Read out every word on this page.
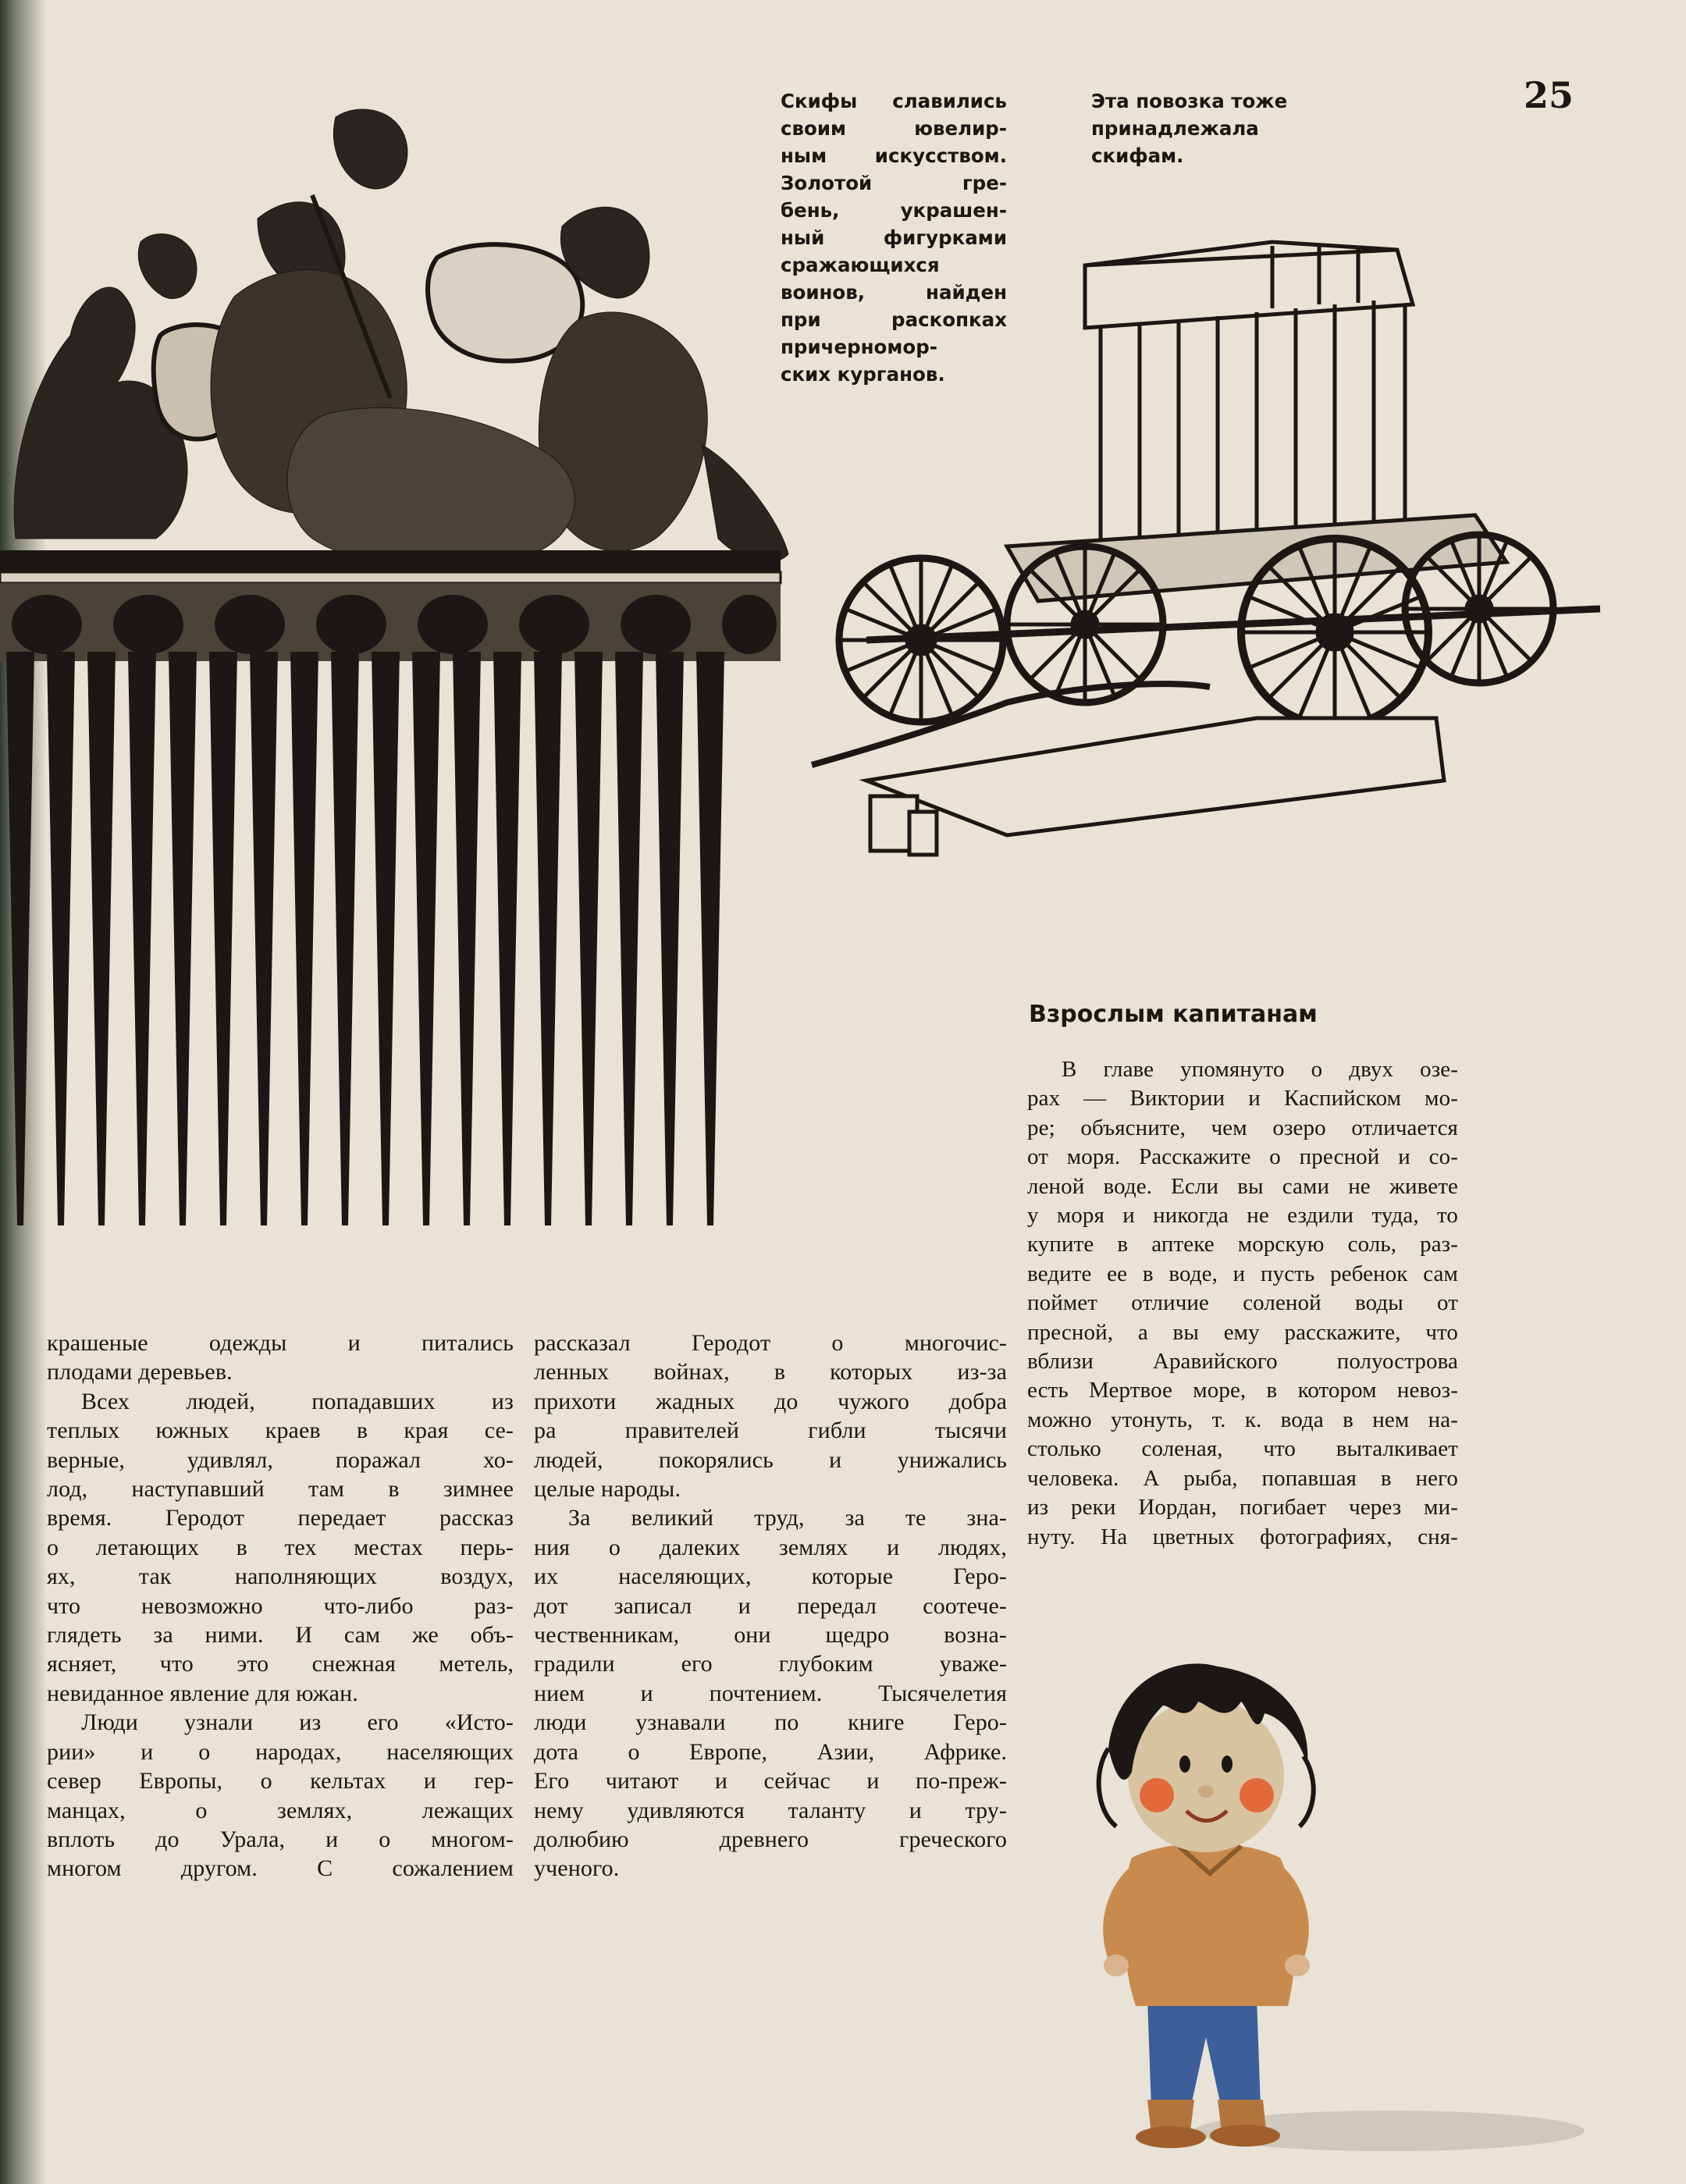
25
Скифы славились
своим ювелир-
ным искусством.
Золотой гре-
бень, украшен-
ный фигурками
сражающихся
воинов, найден
при раскопках
причерномор-
ских курганов.
Эта повозка тоже
принадлежала
скифам.
Взрослым капитанам
В главе упомянуто о двух озе-
рах — Виктории и Каспийском мо-
ре; объясните, чем озеро отличается
от моря. Расскажите о пресной и со-
леной воде. Если вы сами не живете
у моря и никогда не ездили туда, то
купите в аптеке морскую соль, раз-
ведите ее в воде, и пусть ребенок сам
поймет отличие соленой воды от
пресной, а вы ему расскажите, что
вблизи Аравийского полуострова
есть Мертвое море, в котором невоз-
можно утонуть, т. к. вода в нем на-
столько соленая, что выталкивает
человека. А рыба, попавшая в него
из реки Иордан, погибает через ми-
нуту. На цветных фотографиях, сня-
крашеные одежды и питались
плодами деревьев.
Всех людей, попадавших из
теплых южных краев в края се-
верные, удивлял, поражал хо-
лод, наступавший там в зимнее
время. Геродот передает рассказ
о летающих в тех местах перь-
ях, так наполняющих воздух,
что невозможно что-либо раз-
глядеть за ними. И сам же объ-
ясняет, что это снежная метель,
невиданное явление для южан.
Люди узнали из его «Исто-
рии» и о народах, населяющих
север Европы, о кельтах и гер-
манцах, о землях, лежащих
вплоть до Урала, и о многом-
многом другом. С сожалением
рассказал Геродот о многочис-
ленных войнах, в которых из-за
прихоти жадных до чужого добра
ра правителей гибли тысячи
людей, покорялись и унижались
целые народы.
За великий труд, за те зна-
ния о далеких землях и людях,
их населяющих, которые Геро-
дот записал и передал соотече-
чественникам, они щедро возна-
градили его глубоким уваже-
нием и почтением. Тысячелетия
люди узнавали по книге Геро-
дота о Европе, Азии, Африке.
Его читают и сейчас и по-преж-
нему удивляются таланту и тру-
долюбию древнего греческого
ученого.
